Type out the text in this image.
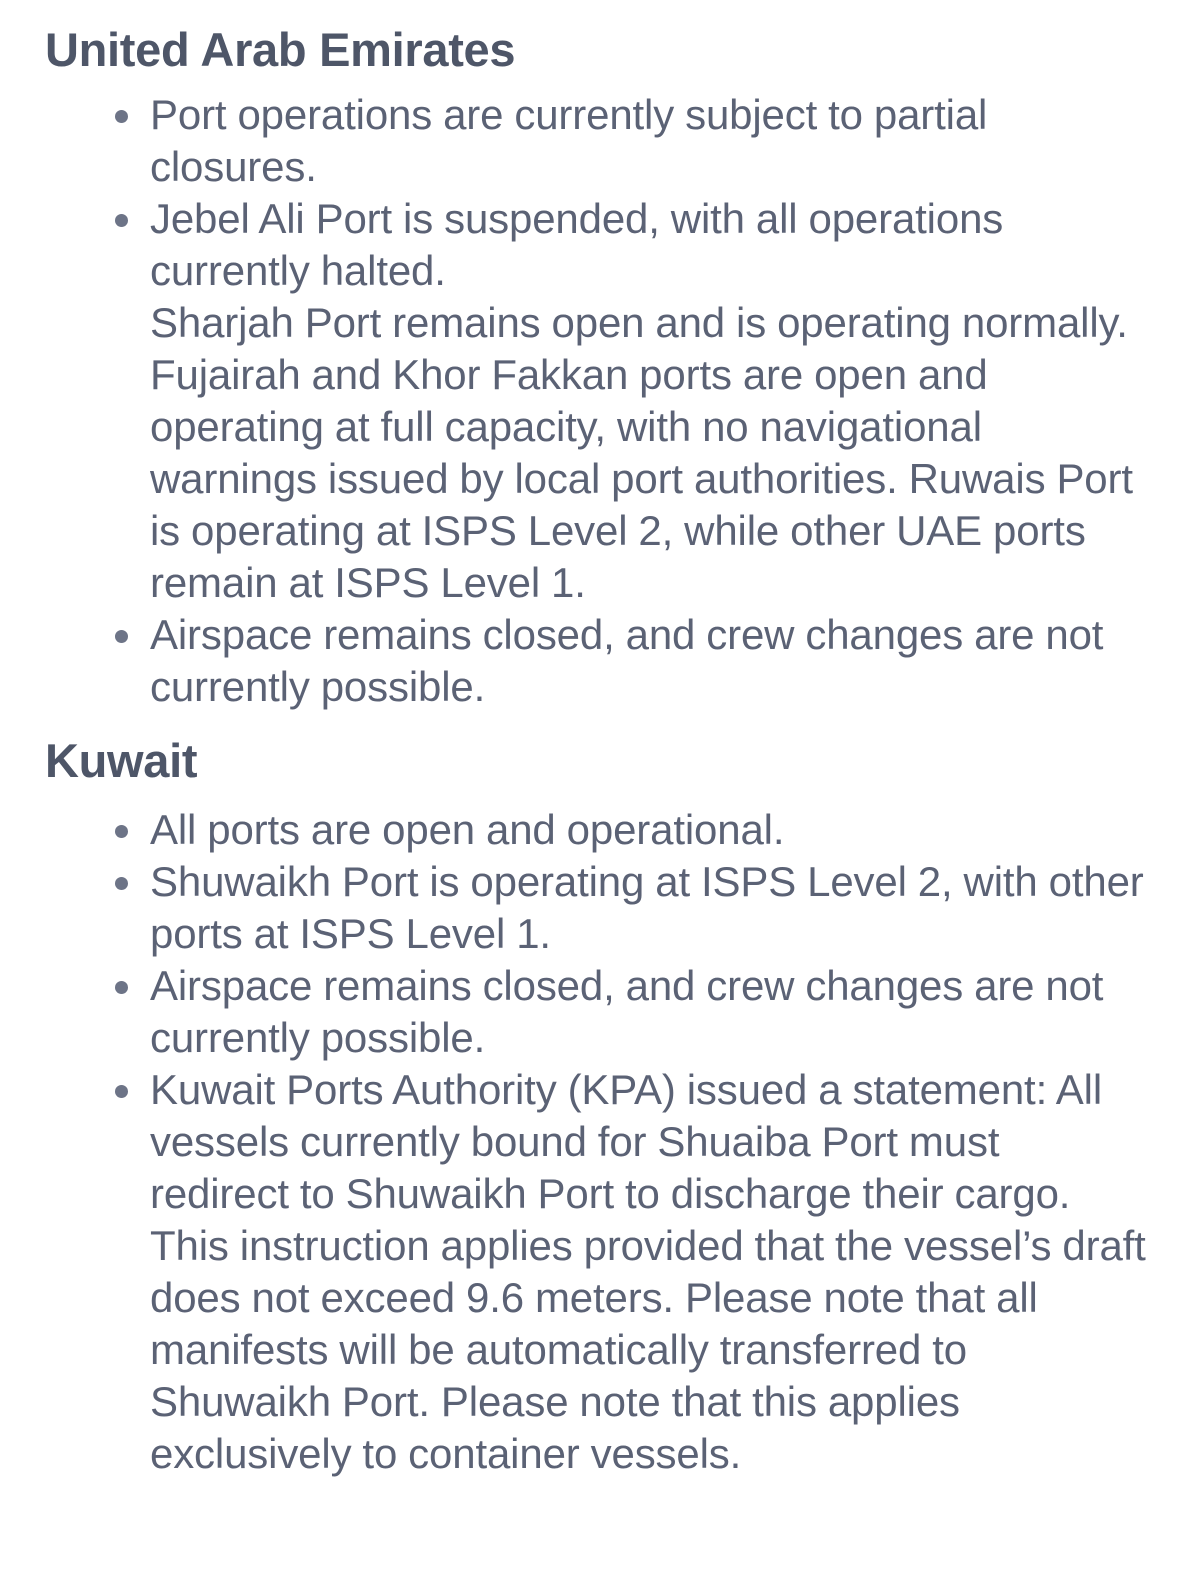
United Arab Emirates
Port operations are currently subject to partial closures.
Jebel Ali Port is suspended, with all operations currently halted.
Sharjah Port remains open and is operating normally.
Fujairah and Khor Fakkan ports are open and operating at full capacity, with no navigational warnings issued by local port authorities. Ruwais Port is operating at ISPS Level 2, while other UAE ports remain at ISPS Level 1.
Airspace remains closed, and crew changes are not currently possible.
Kuwait
All ports are open and operational.
Shuwaikh Port is operating at ISPS Level 2, with other ports at ISPS Level 1.
Airspace remains closed, and crew changes are not currently possible.
Kuwait Ports Authority (KPA) issued a statement: All vessels currently bound for Shuaiba Port must redirect to Shuwaikh Port to discharge their cargo. This instruction applies provided that the vessel’s draft does not exceed 9.6 meters. Please note that all manifests will be automatically transferred to Shuwaikh Port. Please note that this applies exclusively to container vessels.
